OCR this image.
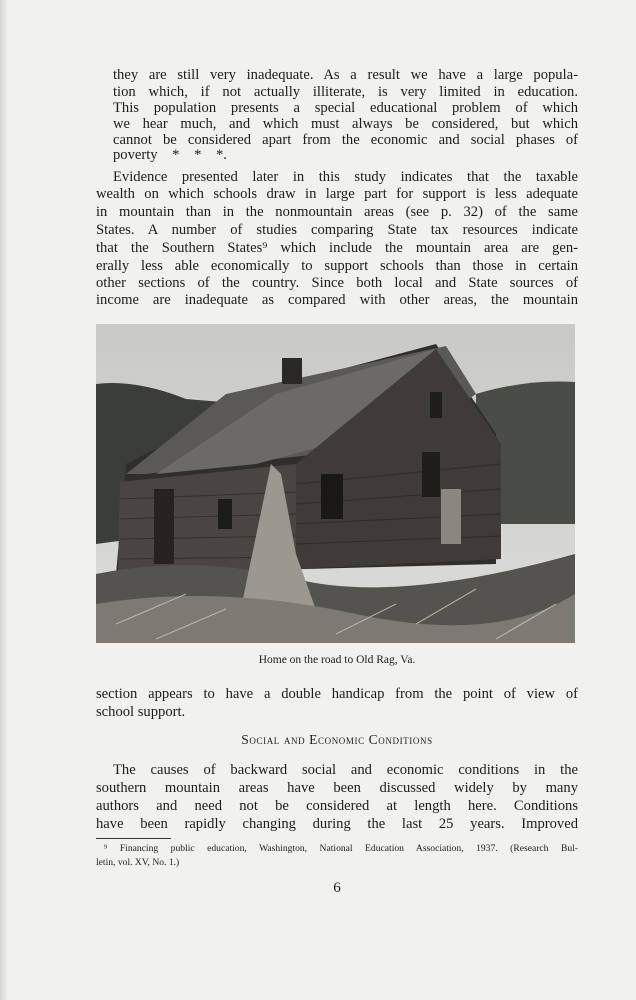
they are still very inadequate. As a result we have a large popula-
tion which, if not actually illiterate, is very limited in education.
This population presents a special educational problem of which
we hear much, and which must always be considered, but which
cannot be considered apart from the economic and social phases of
poverty    *    *    *.
Evidence presented later in this study indicates that the taxable
wealth on which schools draw in large part for support is less adequate
in mountain than in the nonmountain areas (see p. 32) of the same
States. A number of studies comparing State tax resources indicate
that the Southern States⁹ which include the mountain area are gen-
erally less able economically to support schools than those in certain
other sections of the country. Since both local and State sources of
income are inadequate as compared with other areas, the mountain
Home on the road to Old Rag, Va.
section appears to have a double handicap from the point of view of
school support.
Social and Economic Conditions
The causes of backward social and economic conditions in the
southern mountain areas have been discussed widely by many
authors and need not be considered at length here. Conditions
have been rapidly changing during the last 25 years. Improved
⁹ Financing public education, Washington, National Education Association, 1937. (Research Bul-
letin, vol. XV, No. 1.)
6
